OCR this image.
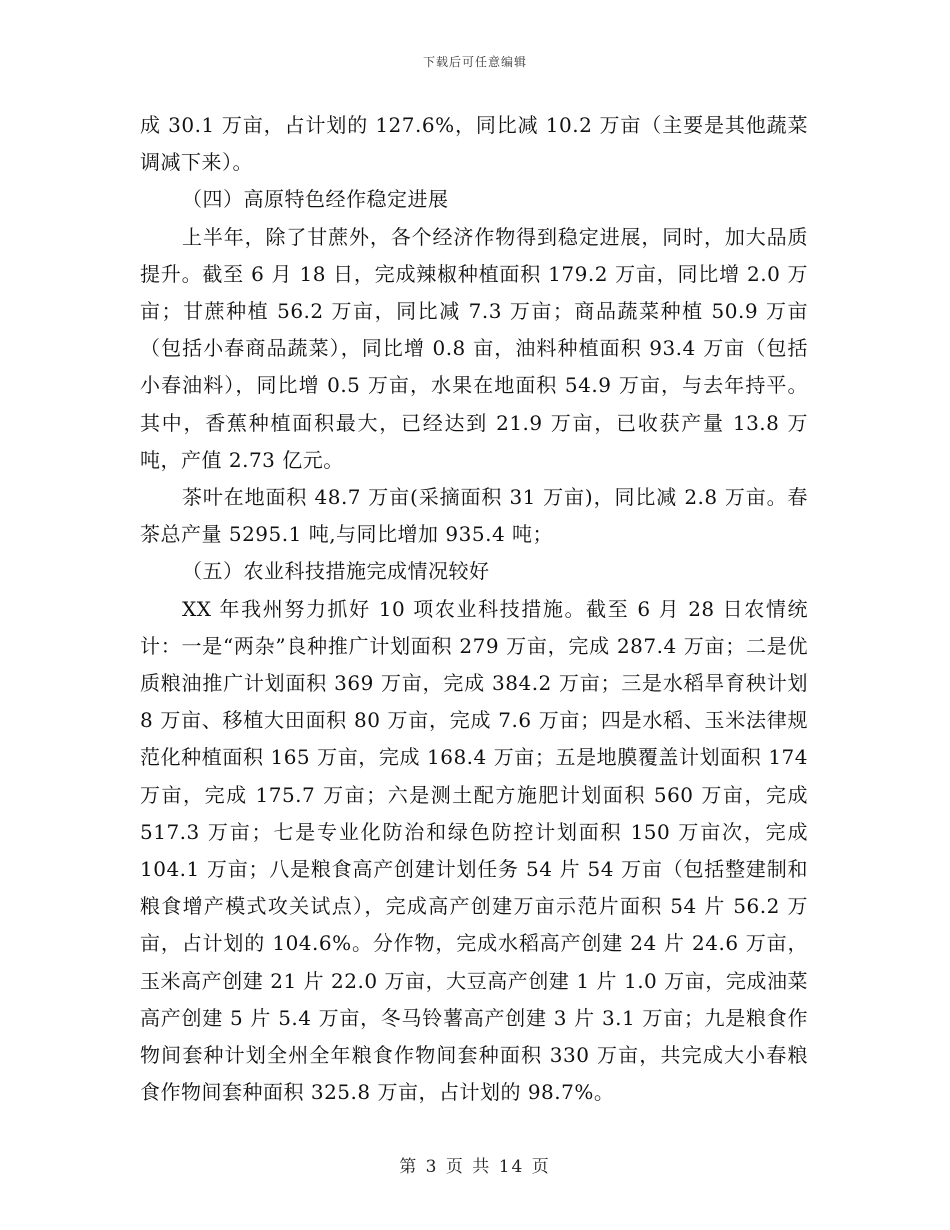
下载后可任意编辑

成 30.1 万亩，占计划的 127.6%，同比减 10.2 万亩（主要是其他蔬菜调减下来）。

（四）高原特色经作稳定进展

上半年，除了甘蔗外，各个经济作物得到稳定进展，同时，加大品质提升。截至 6 月 18 日，完成辣椒种植面积 179.2 万亩，同比增 2.0 万亩；甘蔗种植 56.2 万亩，同比减 7.3 万亩；商品蔬菜种植 50.9 万亩（包括小春商品蔬菜），同比增 0.8 亩，油料种植面积 93.4 万亩（包括小春油料），同比增 0.5 万亩，水果在地面积 54.9 万亩，与去年持平。其中，香蕉种植面积最大，已经达到 21.9 万亩，已收获产量 13.8 万吨，产值 2.73 亿元。

茶叶在地面积 48.7 万亩(采摘面积 31 万亩)，同比减 2.8 万亩。春茶总产量 5295.1 吨,与同比增加 935.4 吨；

（五）农业科技措施完成情况较好

XX 年我州努力抓好 10 项农业科技措施。截至 6 月 28 日农情统计：一是“两杂”良种推广计划面积 279 万亩，完成 287.4 万亩；二是优质粮油推广计划面积 369 万亩，完成 384.2 万亩；三是水稻旱育秧计划 8 万亩、移植大田面积 80 万亩，完成 7.6 万亩；四是水稻、玉米法律规范化种植面积 165 万亩，完成 168.4 万亩；五是地膜覆盖计划面积 174 万亩，完成 175.7 万亩；六是测土配方施肥计划面积 560 万亩，完成 517.3 万亩；七是专业化防治和绿色防控计划面积 150 万亩次，完成 104.1 万亩；八是粮食高产创建计划任务 54 片 54 万亩（包括整建制和粮食增产模式攻关试点），完成高产创建万亩示范片面积 54 片 56.2 万亩，占计划的 104.6%。分作物，完成水稻高产创建 24 片 24.6 万亩，玉米高产创建 21 片 22.0 万亩，大豆高产创建 1 片 1.0 万亩，完成油菜高产创建 5 片 5.4 万亩，冬马铃薯高产创建 3 片 3.1 万亩；九是粮食作物间套种计划全州全年粮食作物间套种面积 330 万亩，共完成大小春粮食作物间套种面积 325.8 万亩，占计划的 98.7%。

第 3 页 共 14 页
